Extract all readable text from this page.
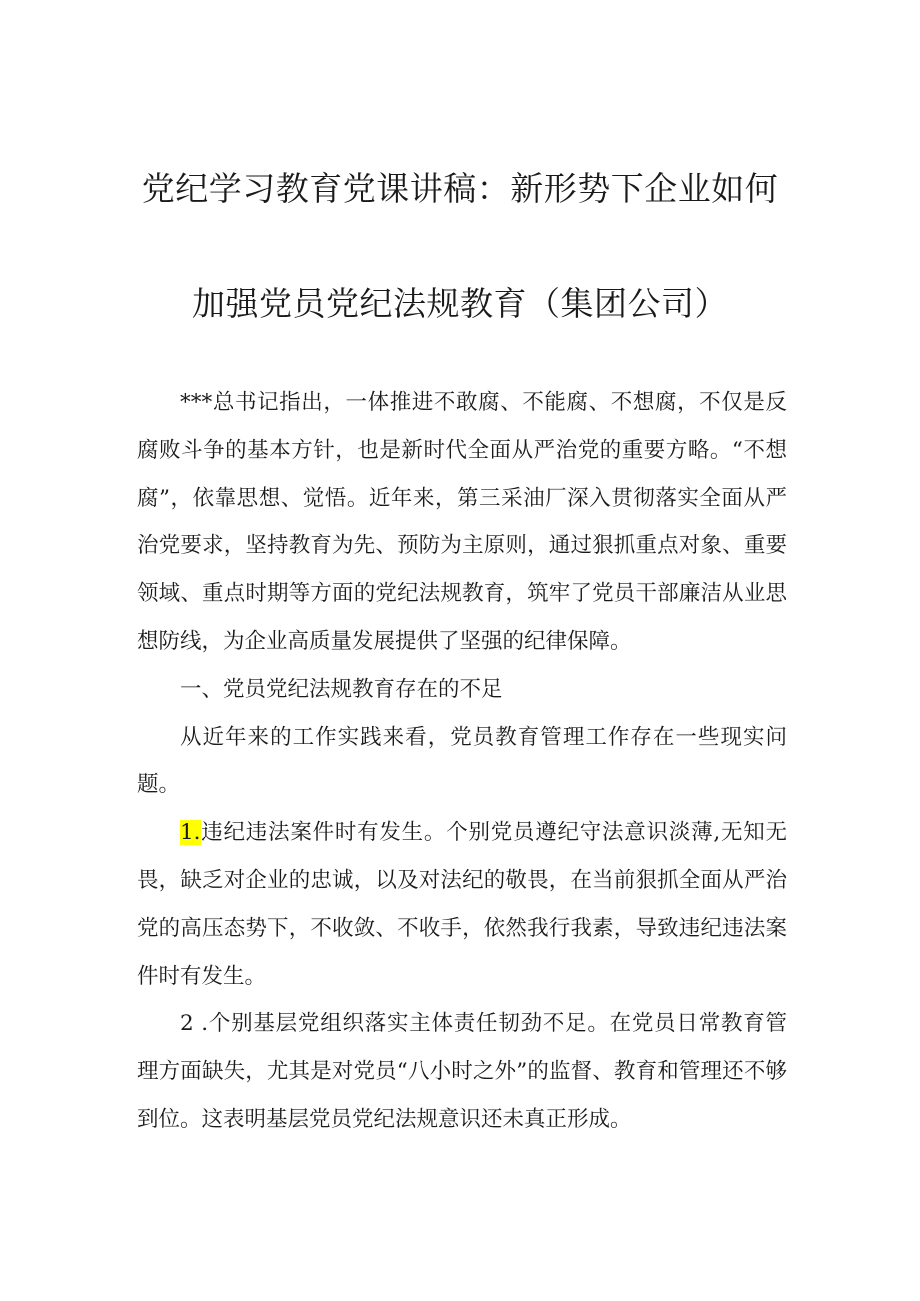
党纪学习教育党课讲稿：新形势下企业如何
加强党员党纪法规教育（集团公司）

***总书记指出，一体推进不敢腐、不能腐、不想腐，不仅是反腐败斗争的基本方针，也是新时代全面从严治党的重要方略。“不想腐”，依靠思想、觉悟。近年来，第三采油厂深入贯彻落实全面从严治党要求，坚持教育为先、预防为主原则，通过狠抓重点对象、重要领域、重点时期等方面的党纪法规教育，筑牢了党员干部廉洁从业思想防线，为企业高质量发展提供了坚强的纪律保障。

一、党员党纪法规教育存在的不足

从近年来的工作实践来看，党员教育管理工作存在一些现实问题。

1.违纪违法案件时有发生。个别党员遵纪守法意识淡薄,无知无畏，缺乏对企业的忠诚，以及对法纪的敬畏，在当前狠抓全面从严治党的高压态势下，不收敛、不收手，依然我行我素，导致违纪违法案件时有发生。

2 .个别基层党组织落实主体责任韧劲不足。在党员日常教育管理方面缺失，尤其是对党员“八小时之外”的监督、教育和管理还不够到位。这表明基层党员党纪法规意识还未真正形成。
